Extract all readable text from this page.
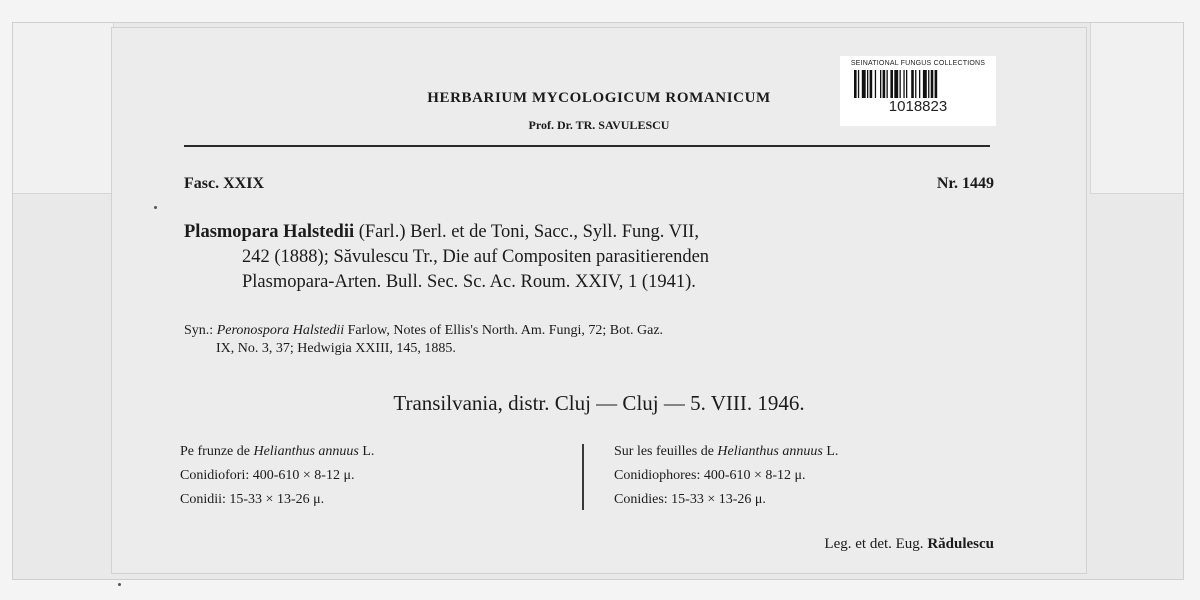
SEINATIONAL FUNGUS COLLECTIONS
1018823
HERBARIUM MYCOLOGICUM ROMANICUM
Prof. Dr. TR. SAVULESCU
Fasc. XXIX	Nr. 1449
Plasmopara Halstedii (Farl.) Berl. et de Toni, Sacc., Syll. Fung. VII,
242 (1888); Săvulescu Tr., Die auf Compositen parasitierenden
Plasmopara-Arten. Bull. Sec. Sc. Ac. Roum. XXIV, 1 (1941).
Syn.: Peronospora Halstedii Farlow, Notes of Ellis's North. Am. Fungi, 72; Bot. Gaz.
IX, No. 3, 37; Hedwigia XXIII, 145, 1885.
Transilvania, distr. Cluj — Cluj — 5. VIII. 1946.
Pe frunze de Helianthus annuus L.
Conidiofori: 400-610 × 8-12 μ.
Conidii: 15-33 × 13-26 μ.
Sur les feuilles de Helianthus annuus L.
Conidiophores: 400-610 × 8-12 μ.
Conidies: 15-33 × 13-26 μ.
Leg. et det. Eug. Rădulescu
